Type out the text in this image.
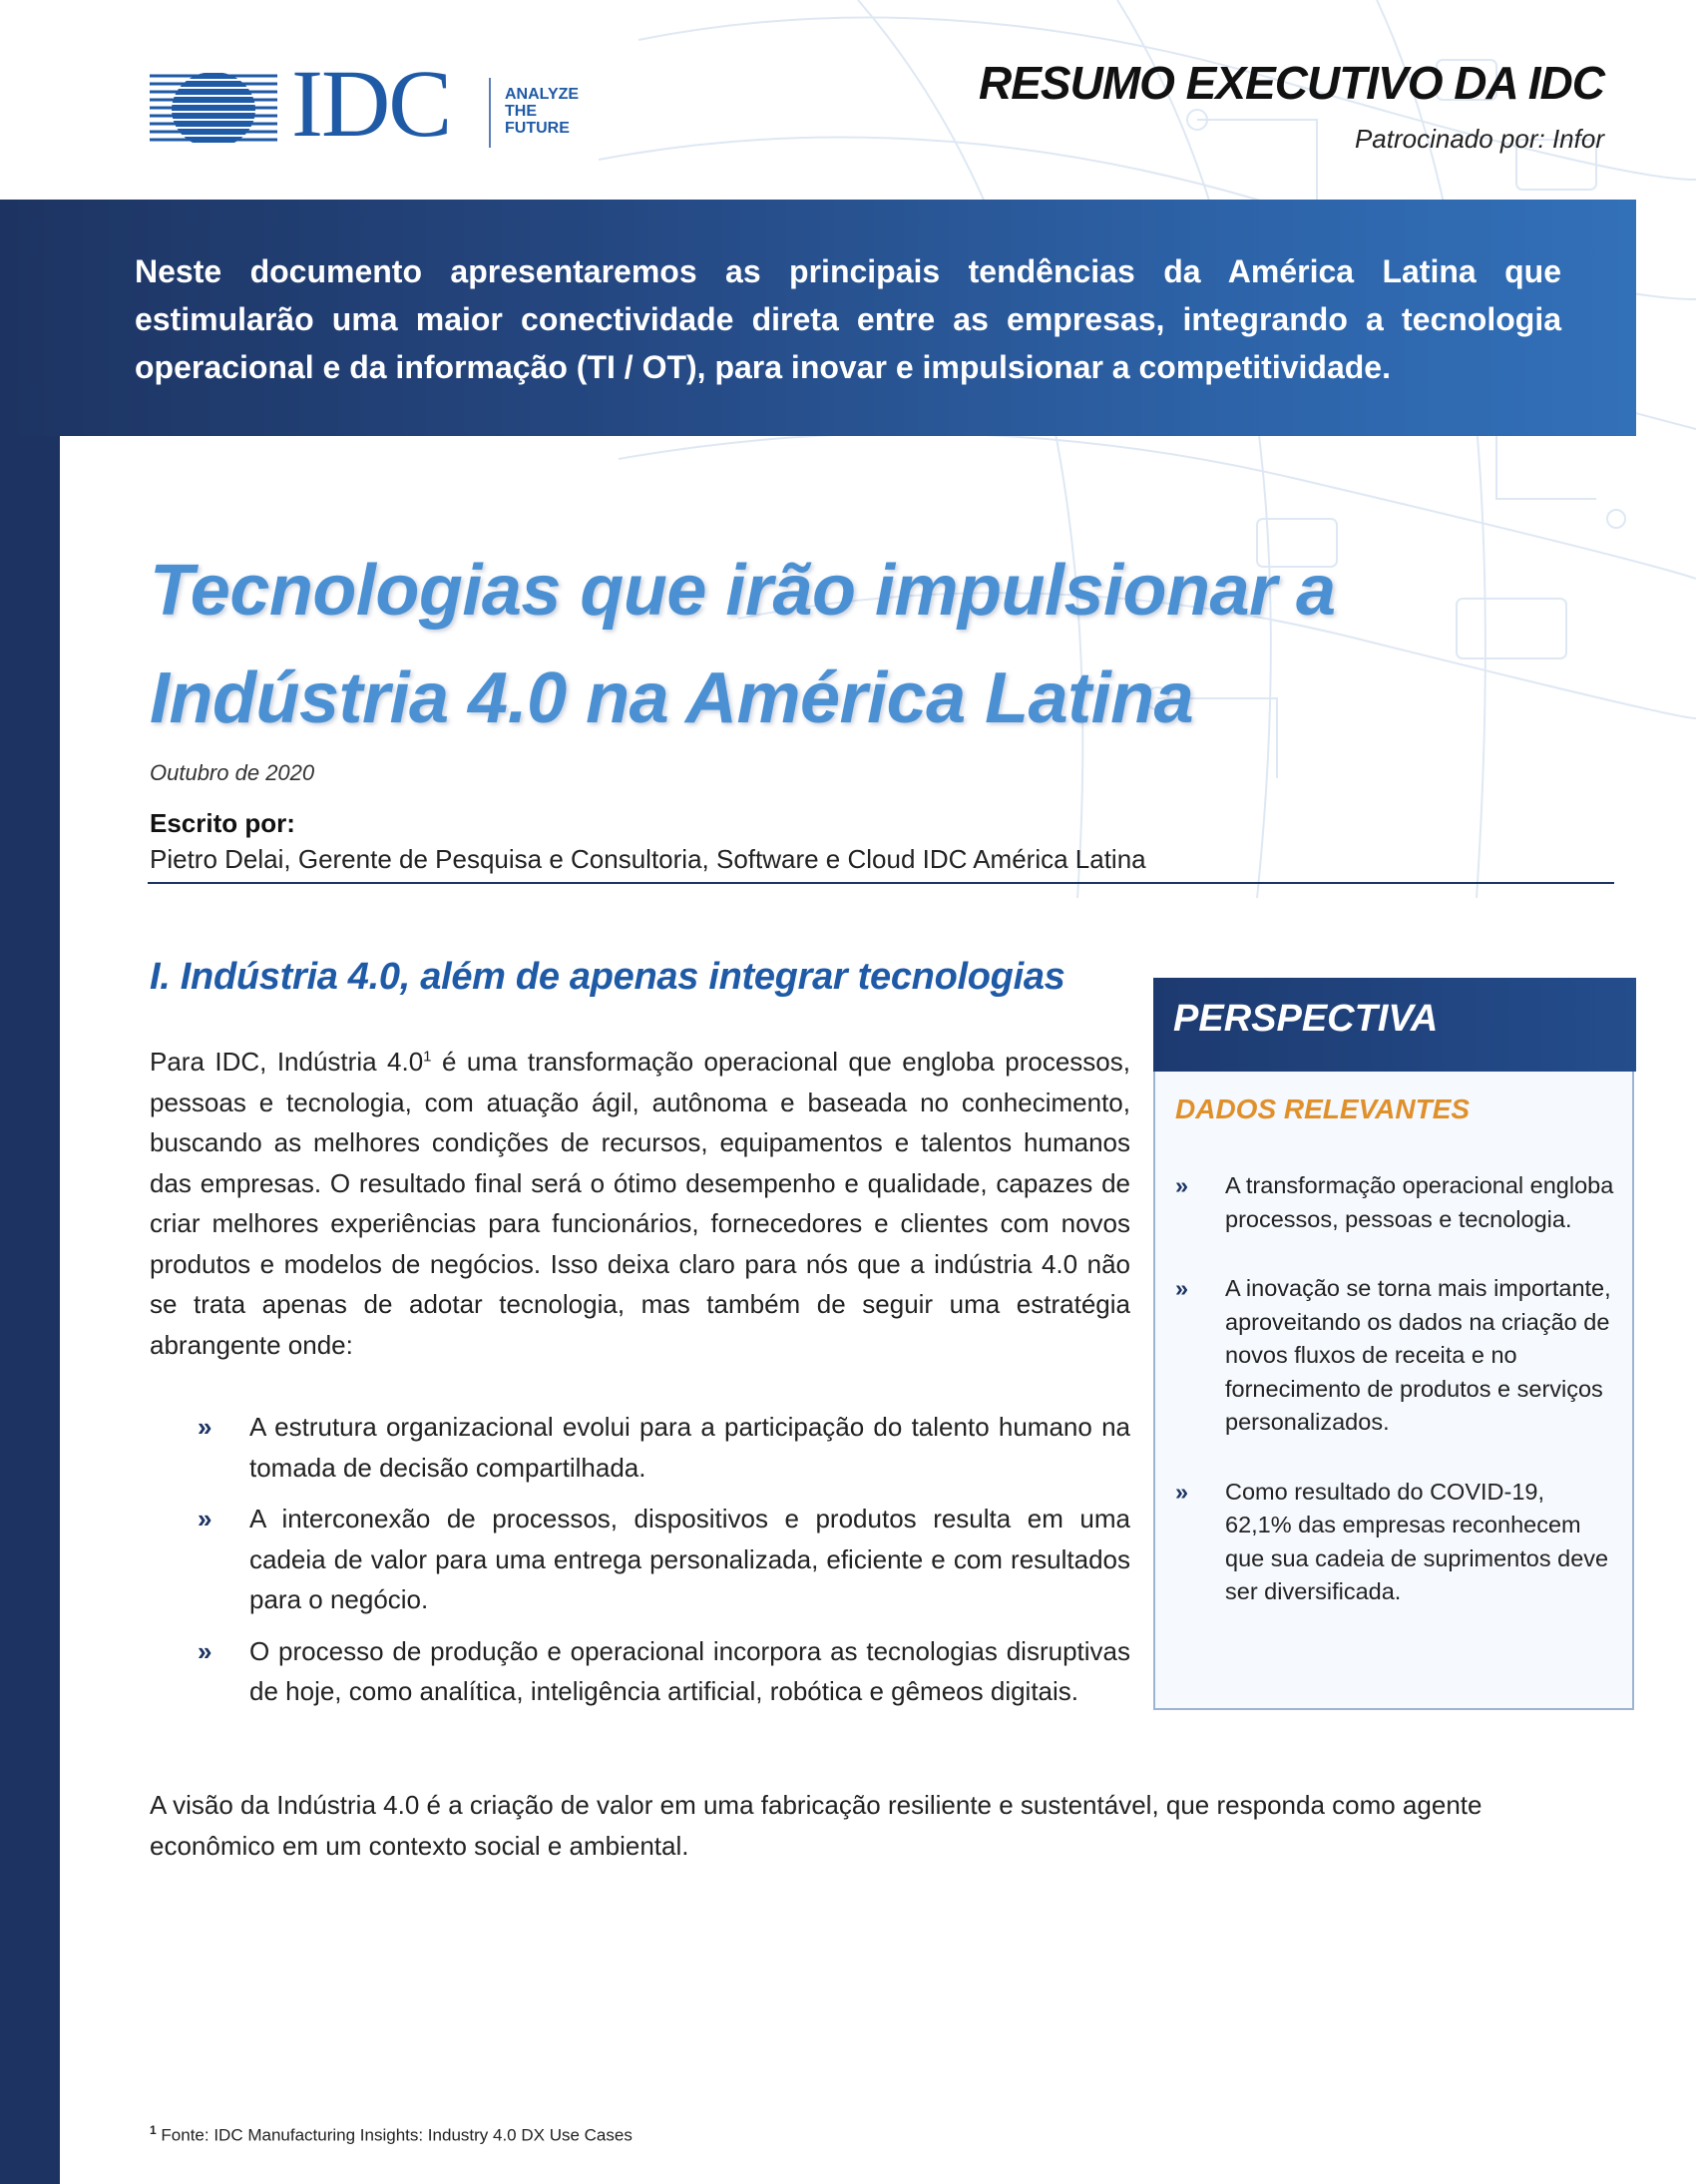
IDC	ANALYZE
THE
FUTURE
RESUMO EXECUTIVO DA IDC
Patrocinado por: Infor
Neste documento apresentaremos as principais tendências da América Latina que estimularão uma maior conectividade direta entre as empresas, integrando a tecnologia operacional e da informação (TI / OT), para inovar e impulsionar a competitividade.
Tecnologias que irão impulsionar a
Indústria 4.0 na América Latina
Outubro de 2020
Escrito por:
Pietro Delai, Gerente de Pesquisa e Consultoria, Software e Cloud IDC América Latina
I. Indústria 4.0, além de apenas integrar tecnologias

Para IDC, Indústria $4.0^1$ é uma transformação operacional que engloba processos, pessoas e tecnologia, com atuação ágil, autônoma e baseada no conhecimento, buscando as melhores condições de recursos, equipamentos e talentos humanos das empresas. O resultado final será o ótimo desempenho e qualidade, capazes de criar melhores experiências para funcionários, fornecedores e clientes com novos produtos e modelos de negócios. Isso deixa claro para nós que a indústria 4.0 não se trata apenas de adotar tecnologia, mas também de seguir uma estratégia abrangente onde:

» A estrutura organizacional evolui para a participação do talento humano na tomada de decisão compartilhada.
» A interconexão de processos, dispositivos e produtos resulta em uma cadeia de valor para uma entrega personalizada, eficiente e com resultados para o negócio.
» O processo de produção e operacional incorpora as tecnologias disruptivas de hoje, como analítica, inteligência artificial, robótica e gêmeos digitais.

A visão da Indústria 4.0 é a criação de valor em uma fabricação resiliente e sustentável, que responda como agente econômico em um contexto social e ambiental.

PERSPECTIVA
DADOS RELEVANTES
» A transformação operacional engloba processos, pessoas e tecnologia.
» A inovação se torna mais importante, aproveitando os dados na criação de novos fluxos de receita e no fornecimento de produtos e serviços personalizados.
» Como resultado do COVID-19, 62,1% das empresas reconhecem que sua cadeia de suprimentos deve ser diversificada.
$^1$ Fonte: IDC Manufacturing Insights: Industry 4.0 DX Use Cases
